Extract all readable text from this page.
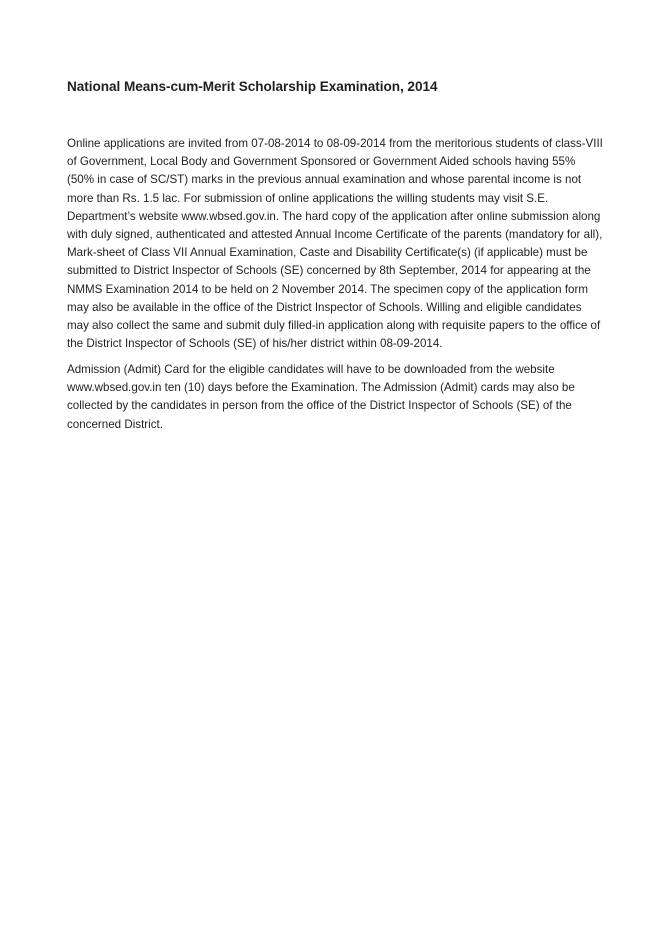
National Means-cum-Merit Scholarship Examination, 2014

Online applications are invited from 07-08-2014 to 08-09-2014 from the meritorious students of class-VIII of Government, Local Body and Government Sponsored or Government Aided schools having 55% (50% in case of SC/ST) marks in the previous annual examination and whose parental income is not more than Rs. 1.5 lac. For submission of online applications the willing students may visit S.E. Department’s website www.wbsed.gov.in. The hard copy of the application after online submission along with duly signed, authenticated and attested Annual Income Certificate of the parents (mandatory for all), Mark-sheet of Class VII Annual Examination, Caste and Disability Certificate(s) (if applicable) must be submitted to District Inspector of Schools (SE) concerned by 8th September, 2014 for appearing at the NMMS Examination 2014 to be held on 2 November 2014. The specimen copy of the application form may also be available in the office of the District Inspector of Schools. Willing and eligible candidates may also collect the same and submit duly filled-in application along with requisite papers to the office of the District Inspector of Schools (SE) of his/her district within 08-09-2014.

Admission (Admit) Card for the eligible candidates will have to be downloaded from the website www.wbsed.gov.in ten (10) days before the Examination. The Admission (Admit) cards may also be collected by the candidates in person from the office of the District Inspector of Schools (SE) of the concerned District.
